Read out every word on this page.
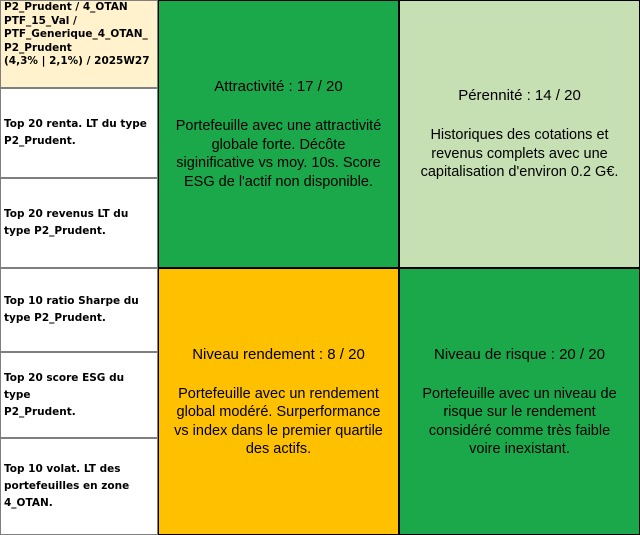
P2_Prudent / 4_OTAN
PTF_15_Val /
PTF_Generique_4_OTAN_
P2_Prudent
(4,3% | 2,1%) / 2025W27
Top 20 renta. LT du type
P2_Prudent.
Top 20 revenus LT du
type P2_Prudent.
Top 10 ratio Sharpe du
type P2_Prudent.
Top 20 score ESG du type
P2_Prudent.
Top 10 volat. LT des
portefeuilles en zone
4_OTAN.
Attractivité : 17 / 20
Portefeuille avec une attractivité
globale forte. Décôte
siginificative vs moy. 10s. Score
ESG de l'actif non disponible.
Pérennité : 14 / 20
Historiques des cotations et
revenus complets avec une
capitalisation d'environ 0.2 G€.
Niveau rendement : 8 / 20
Portefeuille avec un rendement
global modéré. Surperformance
vs index dans le premier quartile
des actifs.
Niveau de risque : 20 / 20
Portefeuille avec un niveau de
risque sur le rendement
considéré comme très faible
voire inexistant.
